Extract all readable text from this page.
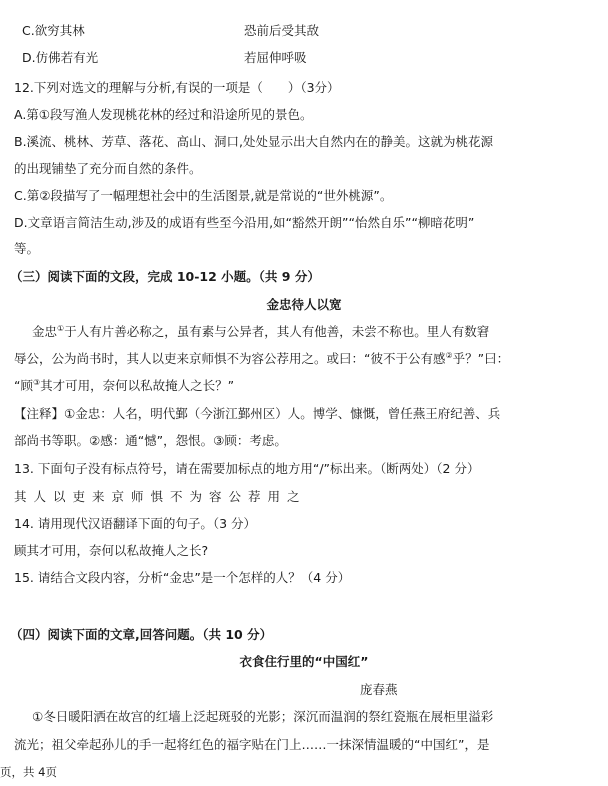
C.欲穷其林	恐前后受其敌
D.仿佛若有光	若屈伸呼吸
12.下列对选文的理解与分析,有误的一项是（　　）（3分）
A.第①段写渔人发现桃花林的经过和沿途所见的景色。
B.溪流、桃林、芳草、落花、高山、洞口,处处显示出大自然内在的静美。这就为桃花源
的出现铺垫了充分而自然的条件。
C.第②段描写了一幅理想社会中的生活图景,就是常说的“世外桃源”。
D.文章语言简洁生动,涉及的成语有些至今沿用,如“豁然开朗”“怡然自乐”“柳暗花明”
等。
（三）阅读下面的文段，完成 10-12 小题。（共 9 分）
金忠待人以宽
金忠①于人有片善必称之，虽有素与公异者，其人有他善，未尝不称也。里人有数窘
辱公，公为尚书时，其人以吏来京师惧不为容公荐用之。或曰：“彼不于公有感②乎？”曰：
“顾③其才可用，奈何以私故掩人之长？”
【注释】①金忠：人名，明代鄞（今浙江鄞州区）人。博学、慷慨，曾任燕王府纪善、兵
部尚书等职。②感：通“憾”，怨恨。③顾：考虑。
13. 下面句子没有标点符号，请在需要加标点的地方用“/”标出来。（断两处）（2 分）
其人以吏来京师惧不为容公荐用之
14. 请用现代汉语翻译下面的句子。（3 分）
顾其才可用，奈何以私故掩人之长?
15. 请结合文段内容，分析“金忠”是一个怎样的人？（4 分）
（四）阅读下面的文章,回答问题。（共 10 分）
衣食住行里的“中国红”
庞春燕
①冬日暖阳洒在故宫的红墙上泛起斑驳的光影；深沉而温润的祭红瓷瓶在展柜里溢彩
流光；祖父牵起孙儿的手一起将红色的福字贴在门上……一抹深情温暖的“中国红”，是
页，共 4页
